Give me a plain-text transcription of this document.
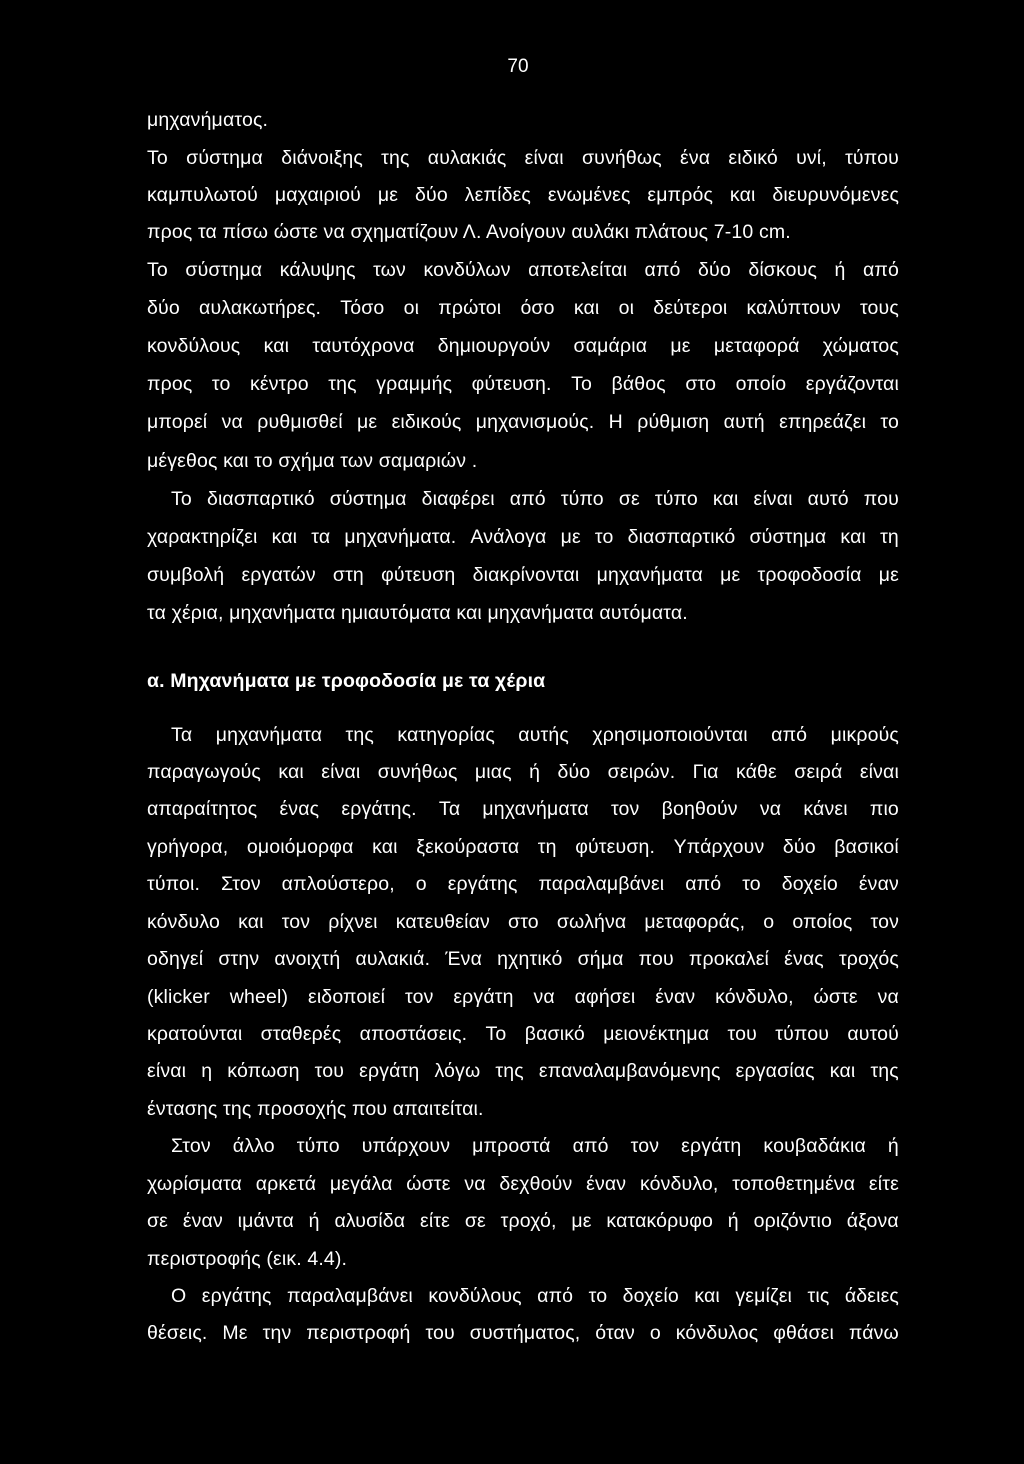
70
μηχανήματος.
Το σύστημα διάνοιξης της αυλακιάς είναι συνήθως ένα ειδικό υνί, τύπου
καμπυλωτού μαχαιριού με δύο λεπίδες ενωμένες εμπρός και διευρυνόμενες
προς τα πίσω ώστε να σχηματίζουν Λ. Ανοίγουν αυλάκι πλάτους 7-10 cm.
Το σύστημα κάλυψης των κονδύλων αποτελείται από δύο δίσκους ή από
δύο αυλακωτήρες. Τόσο οι πρώτοι όσο και οι δεύτεροι καλύπτουν τους
κονδύλους και ταυτόχρονα δημιουργούν σαμάρια με μεταφορά χώματος
προς το κέντρο της γραμμής φύτευση. Το βάθος στο οποίο εργάζονται
μπορεί να ρυθμισθεί με ειδικούς μηχανισμούς. Η ρύθμιση αυτή επηρεάζει το
μέγεθος και το σχήμα των σαμαριών .
Το διασπαρτικό σύστημα διαφέρει από τύπο σε τύπο και είναι αυτό που
χαρακτηρίζει και τα μηχανήματα. Ανάλογα με το διασπαρτικό σύστημα και τη
συμβολή εργατών στη φύτευση διακρίνονται μηχανήματα με τροφοδοσία με
τα χέρια, μηχανήματα ημιαυτόματα και μηχανήματα αυτόματα.
α. Μηχανήματα με τροφοδοσία με τα χέρια
Τα μηχανήματα της κατηγορίας αυτής χρησιμοποιούνται από μικρούς
παραγωγούς και είναι συνήθως μιας ή δύο σειρών. Για κάθε σειρά είναι
απαραίτητος ένας εργάτης. Τα μηχανήματα τον βοηθούν να κάνει πιο
γρήγορα, ομοιόμορφα και ξεκούραστα τη φύτευση. Υπάρχουν δύο βασικοί
τύποι. Στον απλούστερο, ο εργάτης παραλαμβάνει από το δοχείο έναν
κόνδυλο και τον ρίχνει κατευθείαν στο σωλήνα μεταφοράς, ο οποίος τον
οδηγεί στην ανοιχτή αυλακιά. Ένα ηχητικό σήμα που προκαλεί ένας τροχός
(klicker wheel) ειδοποιεί τον εργάτη να αφήσει έναν κόνδυλο, ώστε να
κρατούνται σταθερές αποστάσεις. Το βασικό μειονέκτημα του τύπου αυτού
είναι η κόπωση του εργάτη λόγω της επαναλαμβανόμενης εργασίας και της
έντασης της προσοχής που απαιτείται.
Στον άλλο τύπο υπάρχουν μπροστά από τον εργάτη κουβαδάκια ή
χωρίσματα αρκετά μεγάλα ώστε να δεχθούν έναν κόνδυλο, τοποθετημένα είτε
σε έναν ιμάντα ή αλυσίδα είτε σε τροχό, με κατακόρυφο ή οριζόντιο άξονα
περιστροφής (εικ. 4.4).
Ο εργάτης παραλαμβάνει κονδύλους από το δοχείο και γεμίζει τις άδειες
θέσεις. Με την περιστροφή του συστήματος, όταν ο κόνδυλος φθάσει πάνω
